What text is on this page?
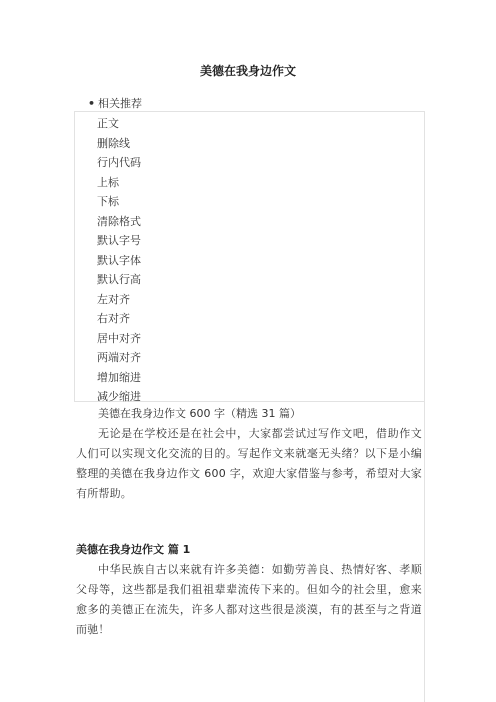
美德在我身边作文
• 相关推荐
正文
删除线
行内代码
上标
下标
清除格式
默认字号
默认字体
默认行高
左对齐
右对齐
居中对齐
两端对齐
增加缩进
减少缩进

美德在我身边作文 600 字（精选 31 篇）

无论是在学校还是在社会中，大家都尝试过写作文吧，借助作文人们可以实现文化交流的目的。写起作文来就毫无头绪？以下是小编整理的美德在我身边作文 600 字，欢迎大家借鉴与参考，希望对大家有所帮助。

美德在我身边作文 篇 1

中华民族自古以来就有许多美德：如勤劳善良、热情好客、孝顺父母等，这些都是我们祖祖辈辈流传下来的。但如今的社会里，愈来愈多的美德正在流失，许多人都对这些很是淡漠，有的甚至与之背道而驰！
